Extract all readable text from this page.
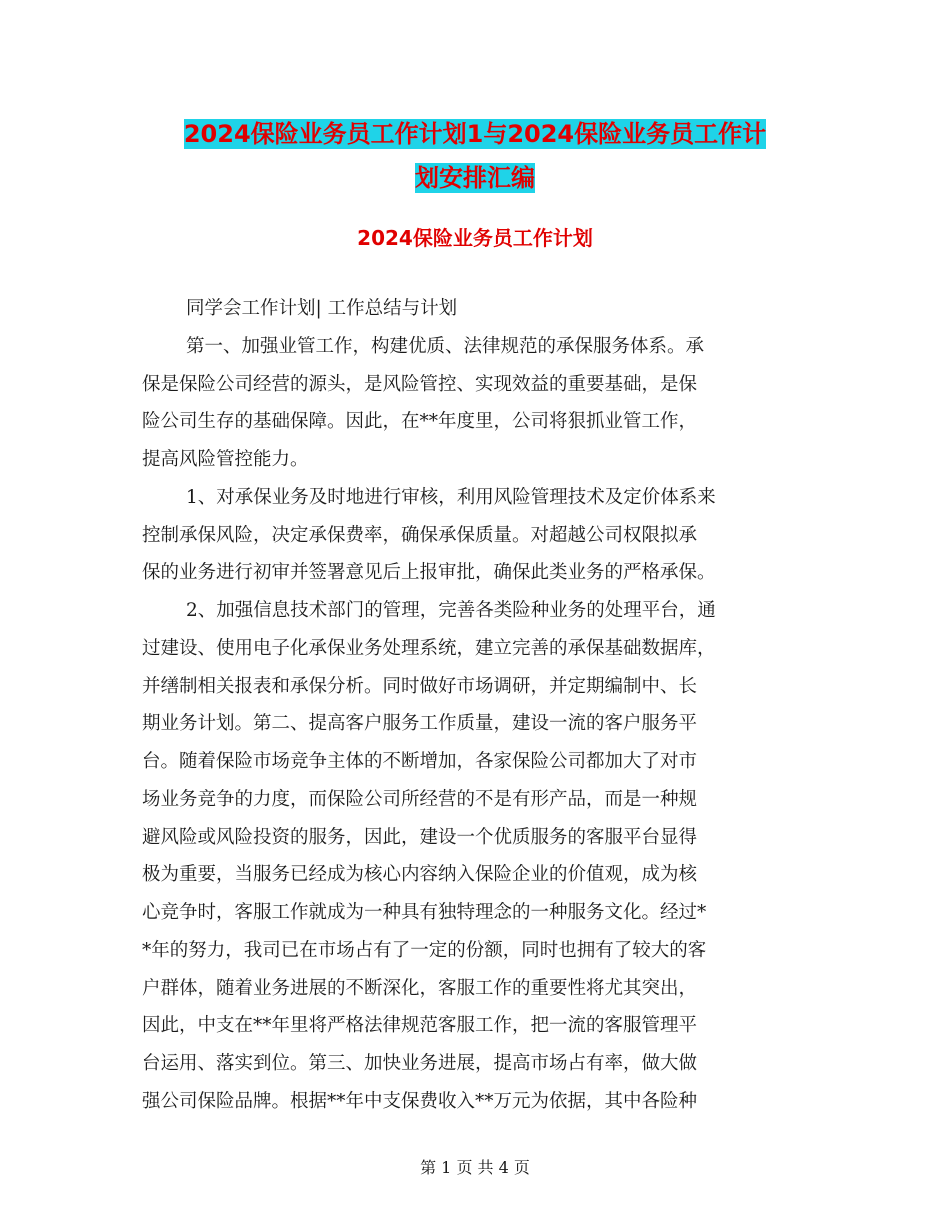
2024保险业务员工作计划1与2024保险业务员工作计
划安排汇编
2024保险业务员工作计划
同学会工作计划| 工作总结与计划
第一、加强业管工作，构建优质、法律规范的承保服务体系。承
保是保险公司经营的源头，是风险管控、实现效益的重要基础，是保
险公司生存的基础保障。因此，在**年度里，公司将狠抓业管工作，
提高风险管控能力。
1、对承保业务及时地进行审核，利用风险管理技术及定价体系来
控制承保风险，决定承保费率，确保承保质量。对超越公司权限拟承
保的业务进行初审并签署意见后上报审批，确保此类业务的严格承保。
2、加强信息技术部门的管理，完善各类险种业务的处理平台，通
过建设、使用电子化承保业务处理系统，建立完善的承保基础数据库，
并缮制相关报表和承保分析。同时做好市场调研，并定期编制中、长
期业务计划。第二、提高客户服务工作质量，建设一流的客户服务平
台。随着保险市场竞争主体的不断增加，各家保险公司都加大了对市
场业务竞争的力度，而保险公司所经营的不是有形产品，而是一种规
避风险或风险投资的服务，因此，建设一个优质服务的客服平台显得
极为重要，当服务已经成为核心内容纳入保险企业的价值观，成为核
心竞争时，客服工作就成为一种具有独特理念的一种服务文化。经过*
*年的努力，我司已在市场占有了一定的份额，同时也拥有了较大的客
户群体，随着业务进展的不断深化，客服工作的重要性将尤其突出，
因此，中支在**年里将严格法律规范客服工作，把一流的客服管理平
台运用、落实到位。第三、加快业务进展，提高市场占有率，做大做
强公司保险品牌。根据**年中支保费收入**万元为依据，其中各险种
第 1 页 共 4 页
